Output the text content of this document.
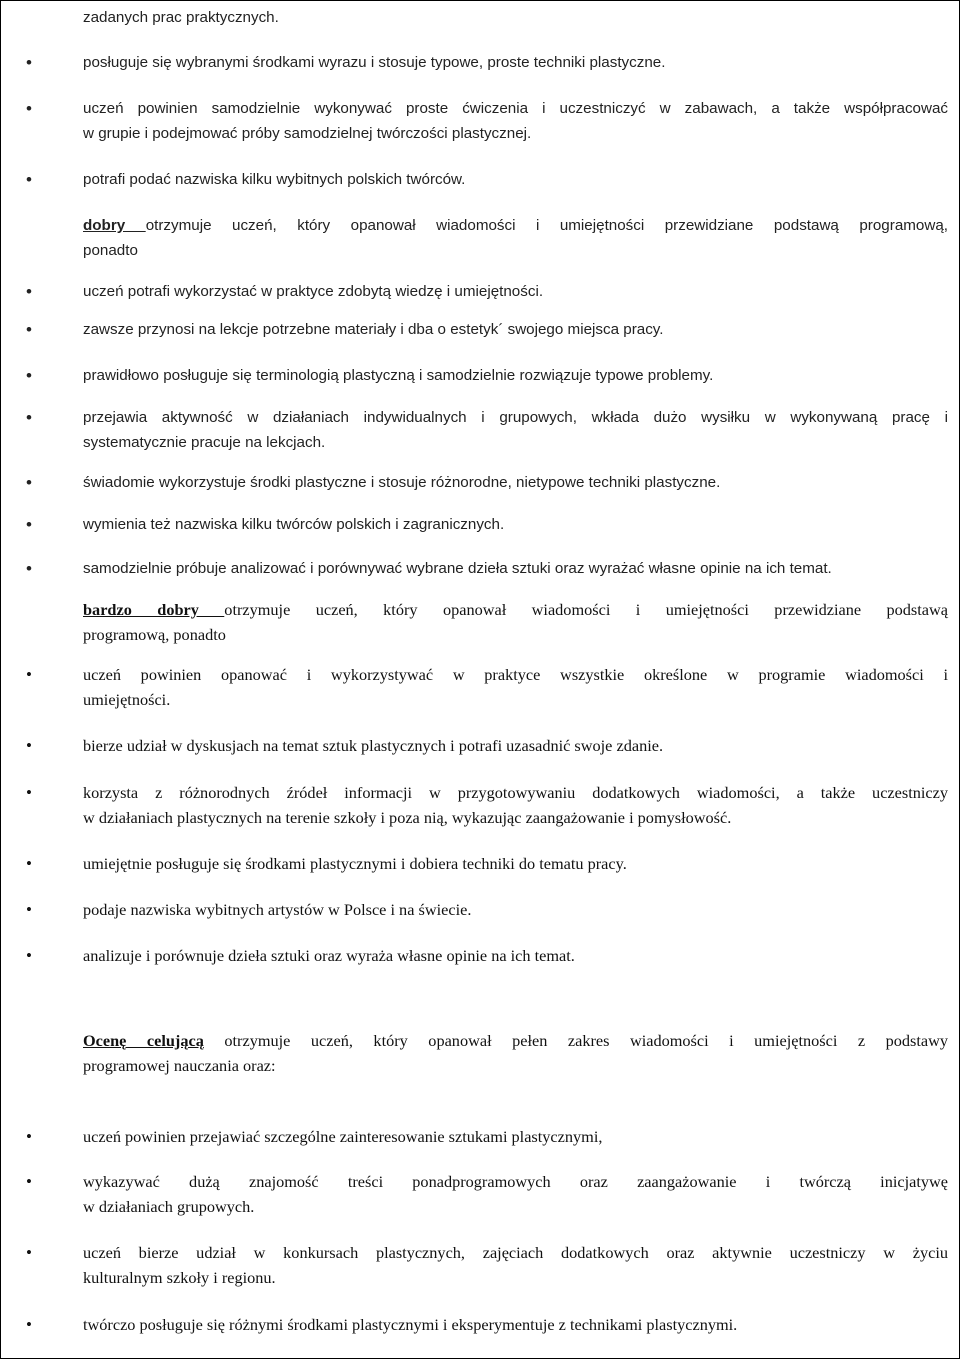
zadanych prac praktycznych.
• posługuje się wybranymi środkami wyrazu i stosuje typowe, proste techniki plastyczne.
• uczeń powinien samodzielnie wykonywać proste ćwiczenia i uczestniczyć w zabawach, a także współpracować
w grupie i podejmować próby samodzielnej twórczości plastycznej.
• potrafi podać nazwiska kilku wybitnych polskich twórców.
dobry otrzymuje uczeń, który opanował wiadomości i umiejętności przewidziane podstawą programową,
ponadto
• uczeń potrafi wykorzystać w praktyce zdobytą wiedzę i umiejętności.
• zawsze przynosi na lekcje potrzebne materiały i dba o estetyk´ swojego miejsca pracy.
• prawidłowo posługuje się terminologią plastyczną i samodzielnie rozwiązuje typowe problemy.
• przejawia aktywność w działaniach indywidualnych i grupowych, wkłada dużo wysiłku w wykonywaną pracę i
systematycznie pracuje na lekcjach.
• świadomie wykorzystuje środki plastyczne i stosuje różnorodne, nietypowe techniki plastyczne.
• wymienia też nazwiska kilku twórców polskich i zagranicznych.
• samodzielnie próbuje analizować i porównywać wybrane dzieła sztuki oraz wyrażać własne opinie na ich temat.
bardzo dobry otrzymuje uczeń, który opanował wiadomości i umiejętności przewidziane podstawą
programową, ponadto
• uczeń powinien opanować i wykorzystywać w praktyce wszystkie określone w programie wiadomości i
umiejętności.
• bierze udział w dyskusjach na temat sztuk plastycznych i potrafi uzasadnić swoje zdanie.
• korzysta z różnorodnych źródeł informacji w przygotowywaniu dodatkowych wiadomości, a także uczestniczy
w działaniach plastycznych na terenie szkoły i poza nią, wykazując zaangażowanie i pomysłowość.
• umiejętnie posługuje się środkami plastycznymi i dobiera techniki do tematu pracy.
• podaje nazwiska wybitnych artystów w Polsce i na świecie.
• analizuje i porównuje dzieła sztuki oraz wyraża własne opinie na ich temat.
Ocenę celującą otrzymuje uczeń, który opanował pełen zakres wiadomości i umiejętności z podstawy
programowej nauczania oraz:
• uczeń powinien przejawiać szczególne zainteresowanie sztukami plastycznymi,
• wykazywać dużą znajomość treści ponadprogramowych oraz zaangażowanie i twórczą inicjatywę
w działaniach grupowych.
• uczeń bierze udział w konkursach plastycznych, zajęciach dodatkowych oraz aktywnie uczestniczy w życiu
kulturalnym szkoły i regionu.
• twórczo posługuje się różnymi środkami plastycznymi i eksperymentuje z technikami plastycznymi.
